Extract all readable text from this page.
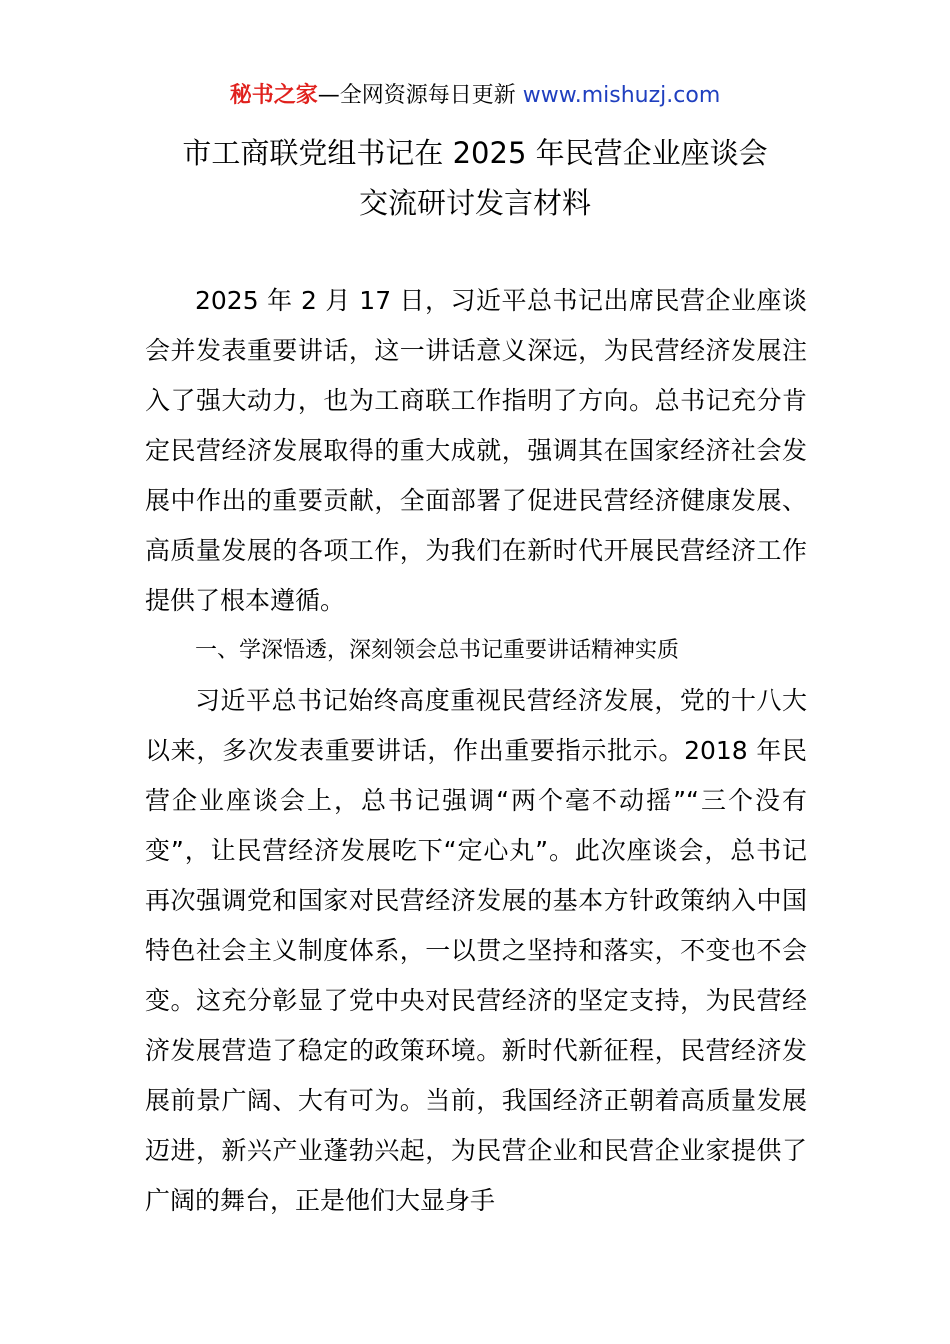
秘书之家—全网资源每日更新 www.mishuzj.com
市工商联党组书记在 2025 年民营企业座谈会
交流研讨发言材料

2025 年 2 月 17 日，习近平总书记出席民营企业座谈会并发表重要讲话，这一讲话意义深远，为民营经济发展注入了强大动力，也为工商联工作指明了方向。总书记充分肯定民营经济发展取得的重大成就，强调其在国家经济社会发展中作出的重要贡献，全面部署了促进民营经济健康发展、高质量发展的各项工作，为我们在新时代开展民营经济工作提供了根本遵循。

一、学深悟透，深刻领会总书记重要讲话精神实质

习近平总书记始终高度重视民营经济发展，党的十八大以来，多次发表重要讲话，作出重要指示批示。2018 年民营企业座谈会上，总书记强调“两个毫不动摇”“三个没有变”，让民营经济发展吃下“定心丸”。此次座谈会，总书记再次强调党和国家对民营经济发展的基本方针政策纳入中国特色社会主义制度体系，一以贯之坚持和落实，不变也不会变。这充分彰显了党中央对民营经济的坚定支持，为民营经济发展营造了稳定的政策环境。新时代新征程，民营经济发展前景广阔、大有可为。当前，我国经济正朝着高质量发展迈进，新兴产业蓬勃兴起，为民营企业和民营企业家提供了广阔的舞台，正是他们大显身手
